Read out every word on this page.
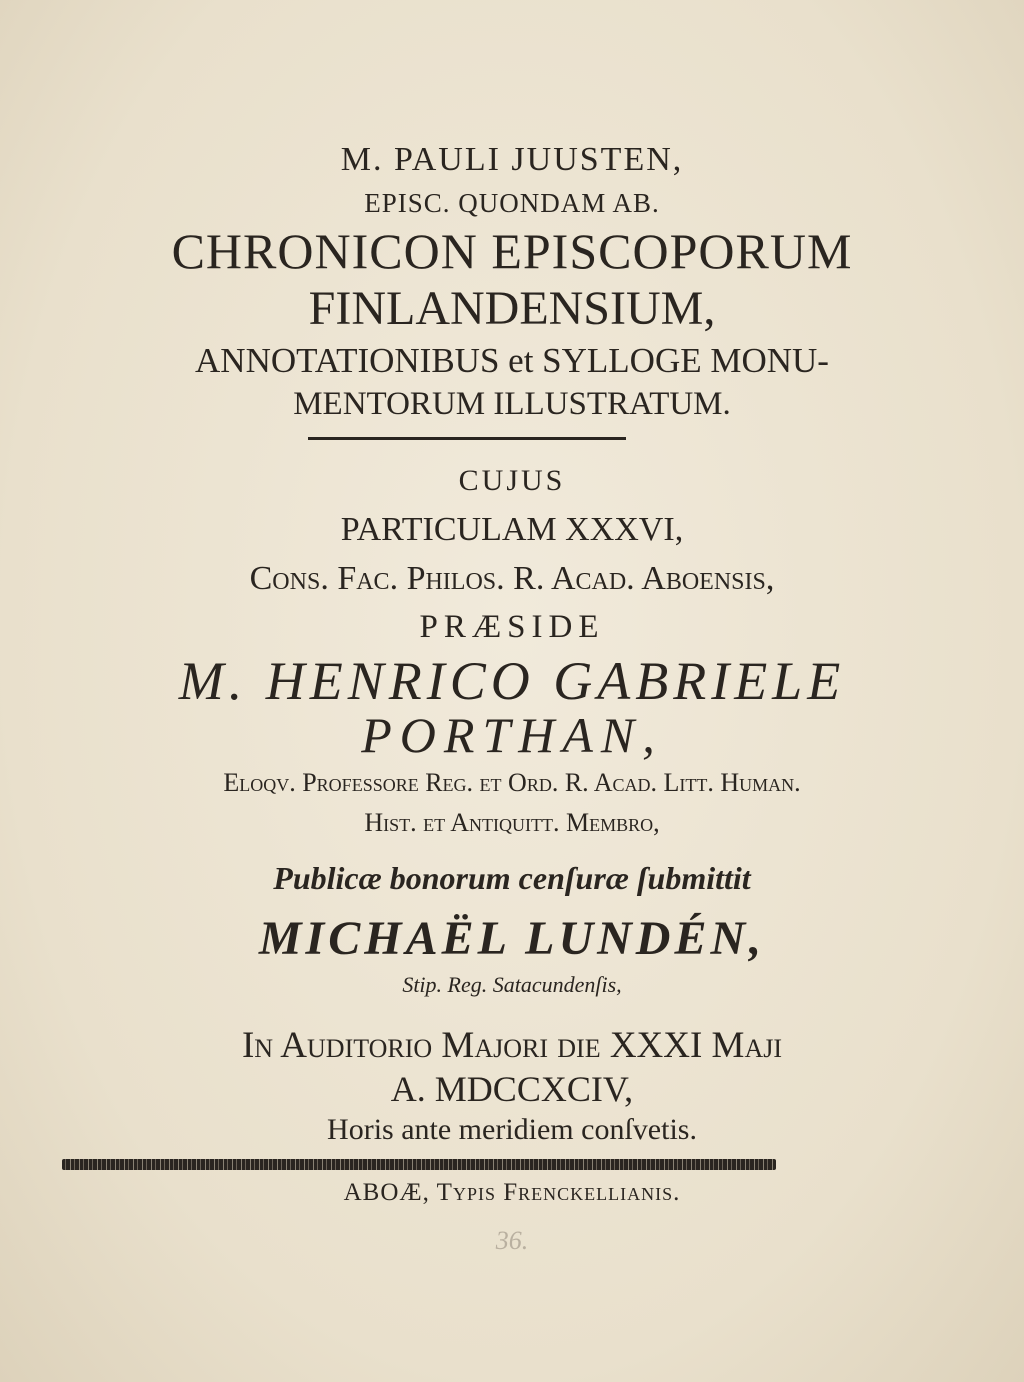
M. PAULI JUUSTEN,
EPISC. QUONDAM AB.
CHRONICON EPISCOPORUM
FINLANDENSIUM,
ANNOTATIONIBUS et SYLLOGE MONU-
MENTORUM ILLUSTRATUM.
CUJUS
PARTICULAM XXXVI,
Cons. Fac. Philos. R. Acad. Aboensis,
PRÆSIDE
M. HENRICO GABRIELE
PORTHAN,
Eloqv. Professore Reg. et Ord. R. Acad. Litt. Human.
Hist. et Antiquitt. Membro,
Publicæ bonorum cenſuræ ſubmittit
MICHAËL LUNDÉN,
Stip. Reg. Satacundenſis,
In Auditorio Majori die XXXI Maji
A. MDCCXCIV,
Horis ante meridiem conſvetis.
ABOÆ, Typis Frenckellianis.
36.
